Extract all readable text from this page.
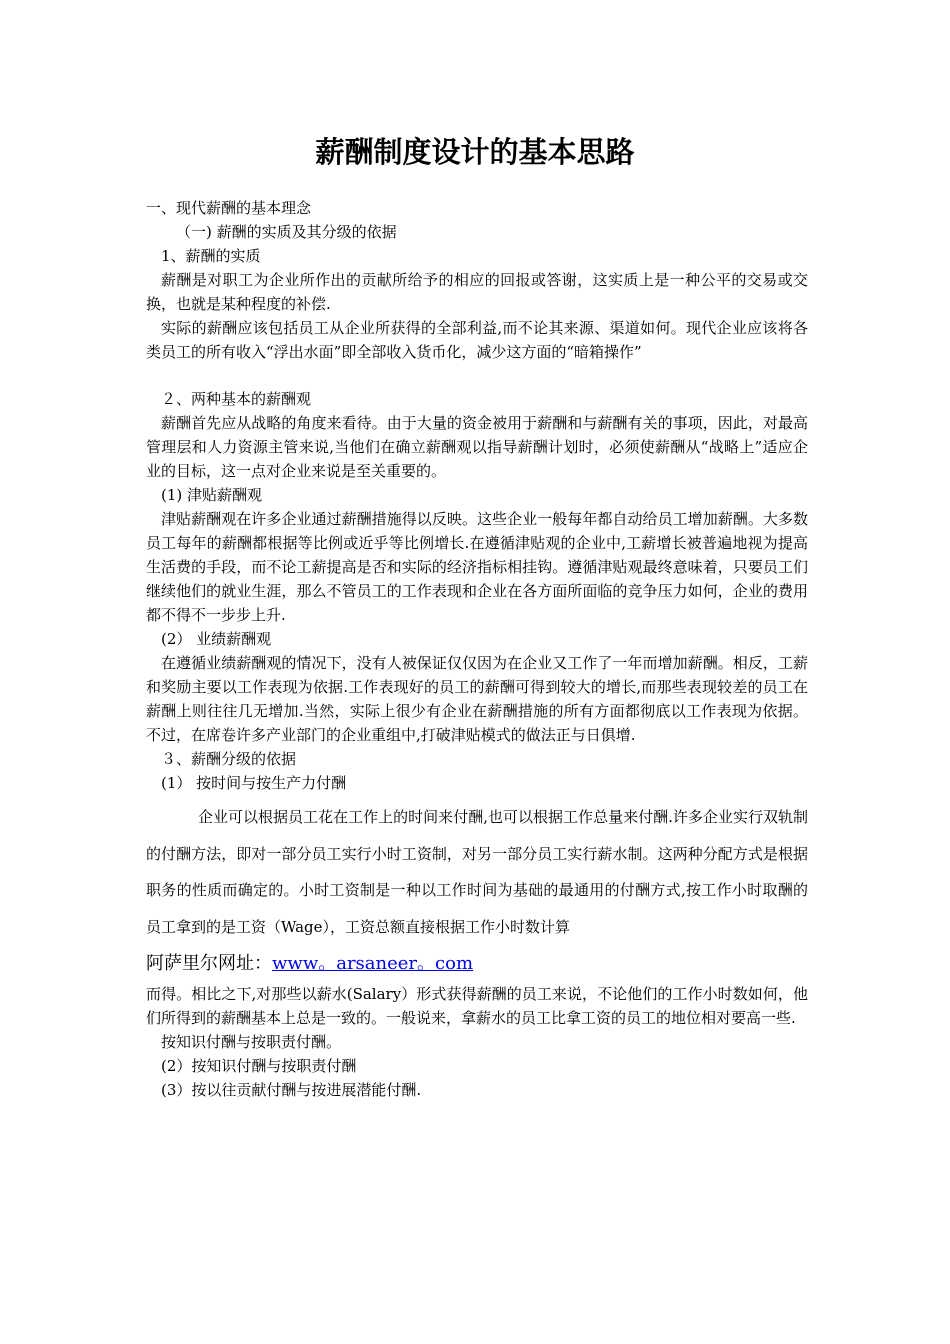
薪酬制度设计的基本思路

一、现代薪酬的基本理念

（一) 薪酬的实质及其分级的依据

1、薪酬的实质

薪酬是对职工为企业所作出的贡献所给予的相应的回报或答谢，这实质上是一种公平的交易或交换，也就是某种程度的补偿.

实际的薪酬应该包括员工从企业所获得的全部利益,而不论其来源、渠道如何。现代企业应该将各类员工的所有收入“浮出水面”即全部收入货币化，减少这方面的“暗箱操作”

２、两种基本的薪酬观

薪酬首先应从战略的角度来看待。由于大量的资金被用于薪酬和与薪酬有关的事项，因此，对最高管理层和人力资源主管来说,当他们在确立薪酬观以指导薪酬计划时，必须使薪酬从“战略上”适应企业的目标，这一点对企业来说是至关重要的。

(1) 津贴薪酬观

津贴薪酬观在许多企业通过薪酬措施得以反映。这些企业一般每年都自动给员工增加薪酬。大多数员工每年的薪酬都根据等比例或近乎等比例增长.在遵循津贴观的企业中,工薪增长被普遍地视为提高生活费的手段，而不论工薪提高是否和实际的经济指标相挂钩。遵循津贴观最终意味着，只要员工们继续他们的就业生涯，那么不管员工的工作表现和企业在各方面所面临的竞争压力如何，企业的费用都不得不一步步上升.

(2） 业绩薪酬观

在遵循业绩薪酬观的情况下，没有人被保证仅仅因为在企业又工作了一年而增加薪酬。相反，工薪和奖励主要以工作表现为依据.工作表现好的员工的薪酬可得到较大的增长,而那些表现较差的员工在薪酬上则往往几无增加.当然，实际上很少有企业在薪酬措施的所有方面都彻底以工作表现为依据。不过，在席卷许多产业部门的企业重组中,打破津贴模式的做法正与日俱增.

３、薪酬分级的依据

(1） 按时间与按生产力付酬

企业可以根据员工花在工作上的时间来付酬,也可以根据工作总量来付酬.许多企业实行双轨制的付酬方法，即对一部分员工实行小时工资制，对另一部分员工实行薪水制。这两种分配方式是根据职务的性质而确定的。小时工资制是一种以工作时间为基础的最通用的付酬方式,按工作小时取酬的员工拿到的是工资（Wage），工资总额直接根据工作小时数计算

阿萨里尔网址：www。arsaneer。com

而得。相比之下,对那些以薪水(Salary）形式获得薪酬的员工来说，不论他们的工作小时数如何，他们所得到的薪酬基本上总是一致的。一般说来，拿薪水的员工比拿工资的员工的地位相对要高一些.

按知识付酬与按职责付酬。

(2）按知识付酬与按职责付酬

(3）按以往贡献付酬与按进展潜能付酬.
